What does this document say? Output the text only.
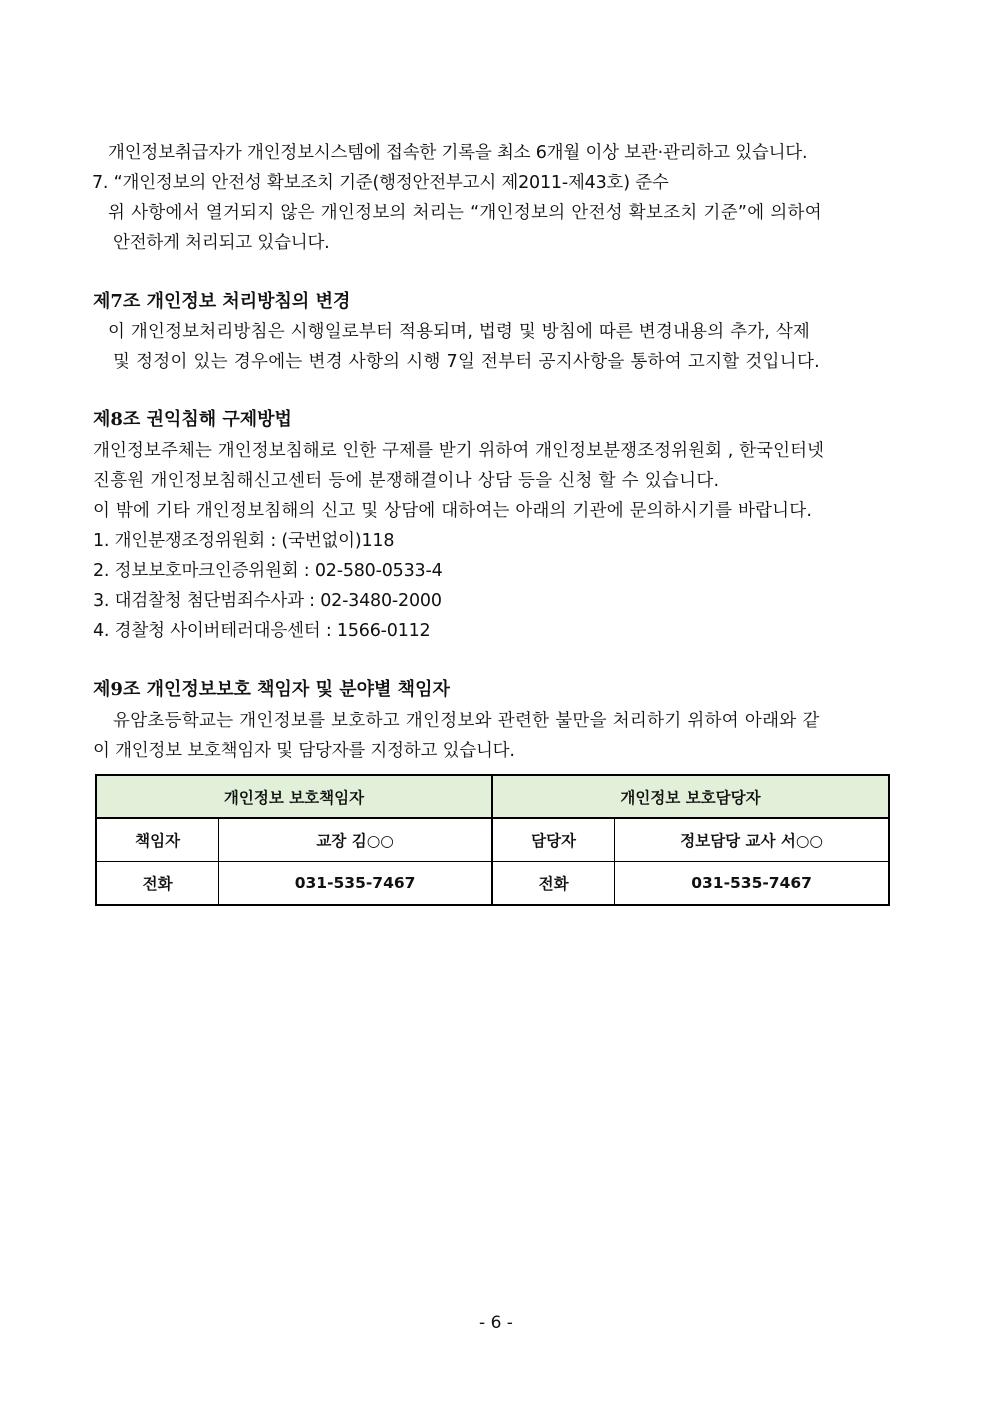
개인정보취급자가 개인정보시스템에 접속한 기록을 최소 6개월 이상 보관·관리하고 있습니다.
7. “개인정보의 안전성 확보조치 기준(행정안전부고시 제2011-제43호) 준수
위 사항에서 열거되지 않은 개인정보의 처리는 “개인정보의 안전성 확보조치 기준”에 의하여
안전하게 처리되고 있습니다.
제7조 개인정보 처리방침의 변경
이 개인정보처리방침은 시행일로부터 적용되며, 법령 및 방침에 따른 변경내용의 추가, 삭제
및 정정이 있는 경우에는 변경 사항의 시행 7일 전부터 공지사항을 통하여 고지할 것입니다.
제8조 권익침해 구제방법
개인정보주체는 개인정보침해로 인한 구제를 받기 위하여 개인정보분쟁조정위원회 , 한국인터넷
진흥원 개인정보침해신고센터 등에 분쟁해결이나 상담 등을 신청 할 수 있습니다.
이 밖에 기타 개인정보침해의 신고 및 상담에 대하여는 아래의 기관에 문의하시기를 바랍니다.
1. 개인분쟁조정위원회 : (국번없이)118
2. 정보보호마크인증위원회 : 02-580-0533-4
3. 대검찰청 첨단범죄수사과 : 02-3480-2000
4. 경찰청 사이버테러대응센터 : 1566-0112
제9조 개인정보보호 책임자 및 분야별 책임자
유암초등학교는 개인정보를 보호하고 개인정보와 관련한 불만을 처리하기 위하여 아래와 같
이 개인정보 보호책임자 및 담당자를 지정하고 있습니다.
개인정보 보호책임자		개인정보 보호담당자	
책임자	교장 김○○	담당자	정보담당 교사 서○○
전화	031-535-7467	전화	031-535-7467
- 6 -
